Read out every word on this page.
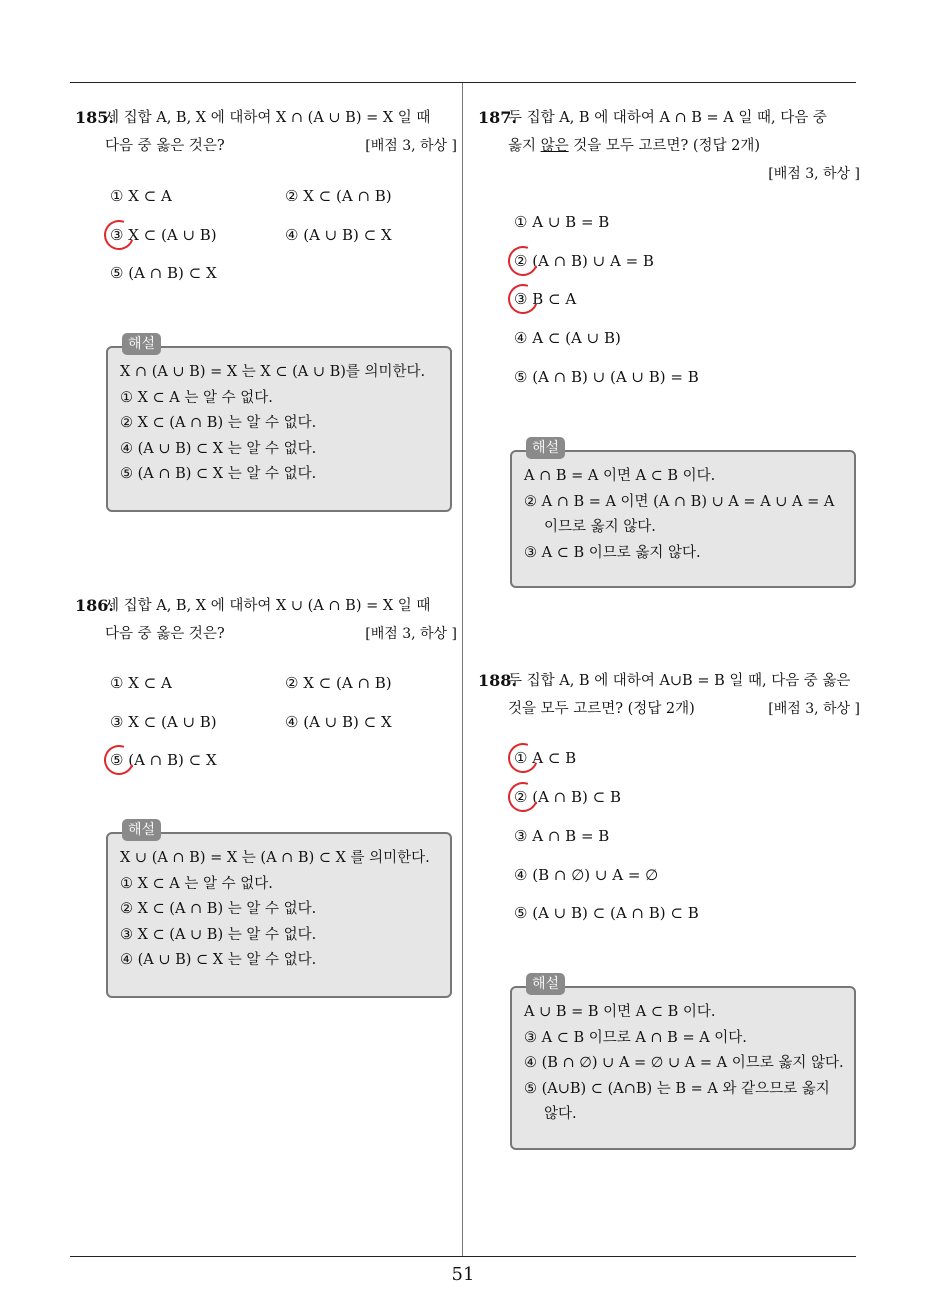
185.
세 집합 A, B, X 에 대하여 X ∩ (A ∪ B) = X 일 때
다음 중 옳은 것은?	[배점 3, 하상 ]
① X ⊂ A	② X ⊂ (A ∩ B)
③ X ⊂ (A ∪ B)	④ (A ∪ B) ⊂ X
⑤ (A ∩ B) ⊂ X
해설
X ∩ (A ∪ B) = X 는 X ⊂ (A ∪ B)를 의미한다.
① X ⊂ A 는 알 수 없다.
② X ⊂ (A ∩ B) 는 알 수 없다.
④ (A ∪ B) ⊂ X 는 알 수 없다.
⑤ (A ∩ B) ⊂ X 는 알 수 없다.
186.
세 집합 A, B, X 에 대하여 X ∪ (A ∩ B) = X 일 때
다음 중 옳은 것은?	[배점 3, 하상 ]
① X ⊂ A	② X ⊂ (A ∩ B)
③ X ⊂ (A ∪ B)	④ (A ∪ B) ⊂ X
⑤ (A ∩ B) ⊂ X
해설
X ∪ (A ∩ B) = X 는 (A ∩ B) ⊂ X 를 의미한다.
① X ⊂ A 는 알 수 없다.
② X ⊂ (A ∩ B) 는 알 수 없다.
③ X ⊂ (A ∪ B) 는 알 수 없다.
④ (A ∪ B) ⊂ X 는 알 수 없다.
187.
두 집합 A, B 에 대하여 A ∩ B = A 일 때, 다음 중
옳지 않은 것을 모두 고르면? (정답 2개)
[배점 3, 하상 ]
① A ∪ B = B
② (A ∩ B) ∪ A = B
③ B ⊂ A
④ A ⊂ (A ∪ B)
⑤ (A ∩ B) ∪ (A ∪ B) = B
해설
A ∩ B = A 이면 A ⊂ B 이다.
② A ∩ B = A 이면 (A ∩ B) ∪ A = A ∪ A = A
이므로 옳지 않다.
③ A ⊂ B 이므로 옳지 않다.
188.
두 집합 A, B 에 대하여 A∪B = B 일 때, 다음 중 옳은
것을 모두 고르면? (정답 2개)	[배점 3, 하상 ]
① A ⊂ B
② (A ∩ B) ⊂ B
③ A ∩ B = B
④ (B ∩ ∅) ∪ A = ∅
⑤ (A ∪ B) ⊂ (A ∩ B) ⊂ B
해설
A ∪ B = B 이면 A ⊂ B 이다.
③ A ⊂ B 이므로 A ∩ B = A 이다.
④ (B ∩ ∅) ∪ A = ∅ ∪ A = A 이므로 옳지 않다.
⑤ (A∪B) ⊂ (A∩B) 는 B = A 와 같으므로 옳지
않다.
51
